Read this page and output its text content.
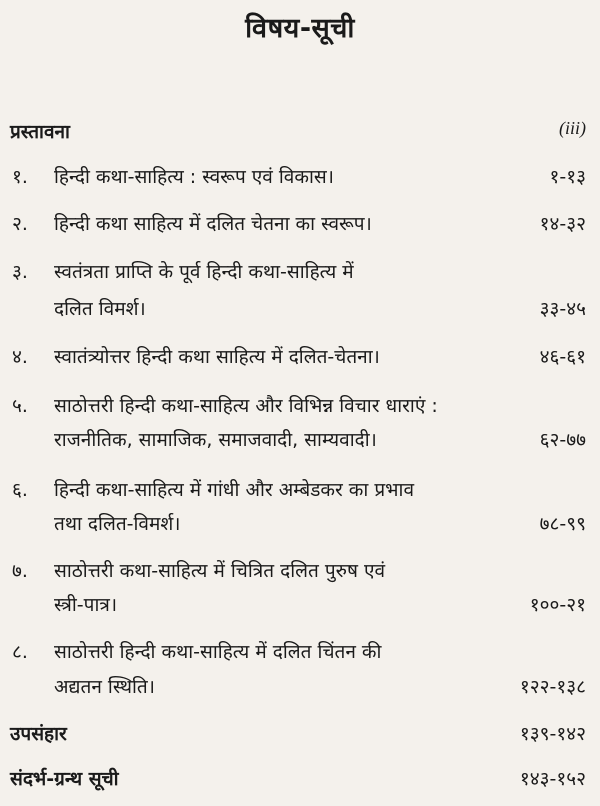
विषय-सूची
प्रस्तावना	(iii)
१. हिन्दी कथा-साहित्य : स्वरूप एवं विकास।	१-१३
२. हिन्दी कथा साहित्य में दलित चेतना का स्वरूप।	१४-३२
३. स्वतंत्रता प्राप्ति के पूर्व हिन्दी कथा-साहित्य में
दलित विमर्श।	३३-४५
४. स्वातंत्र्योत्तर हिन्दी कथा साहित्य में दलित-चेतना।	४६-६१
५. साठोत्तरी हिन्दी कथा-साहित्य और विभिन्न विचार धाराएं :
राजनीतिक, सामाजिक, समाजवादी, साम्यवादी।	६२-७७
६. हिन्दी कथा-साहित्य में गांधी और अम्बेडकर का प्रभाव
तथा दलित-विमर्श।	७८-९९
७. साठोत्तरी कथा-साहित्य में चित्रित दलित पुरुष एवं
स्त्री-पात्र।	१००-२१
८. साठोत्तरी हिन्दी कथा-साहित्य में दलित चिंतन की
अद्यतन स्थिति।	१२२-१३८
उपसंहार	१३९-१४२
संदर्भ-ग्रन्थ सूची	१४३-१५२
